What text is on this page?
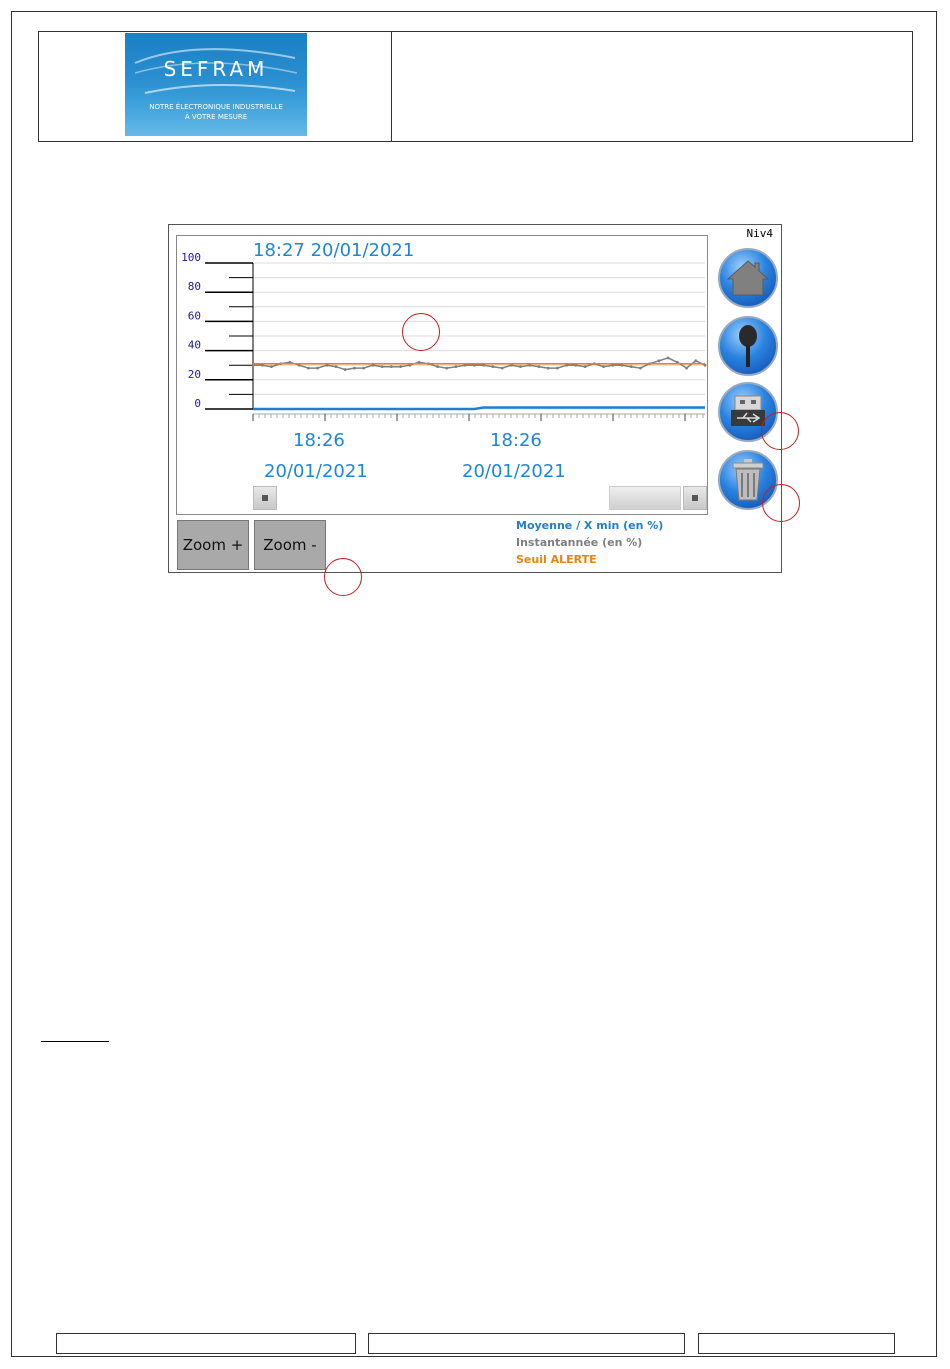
SEFRAM
NOTRE ÉLECTRONIQUE INDUSTRIELLE
À VOTRE MESURE
Niv4
18:27 20/01/2021
100
80
60
40
20
0
18:26
20/01/2021
18:26
20/01/2021
Zoom +	Zoom -
Moyenne / X min (en %)
Instantannée (en %)
Seuil ALERTE
